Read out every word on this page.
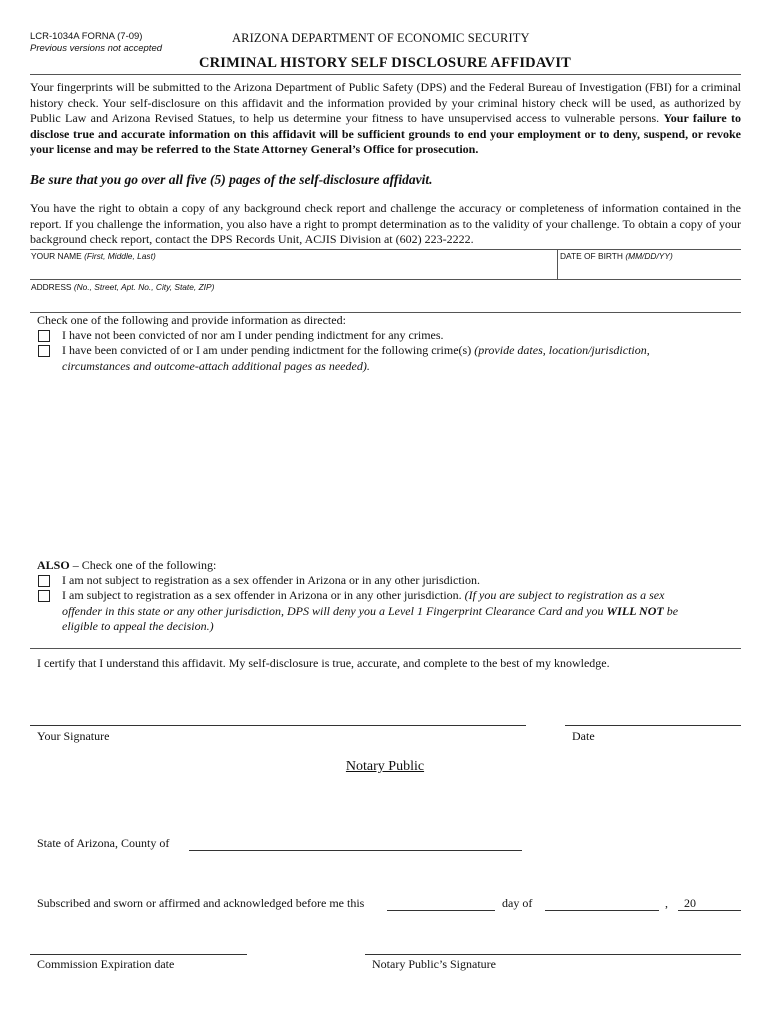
LCR-1034A FORNA (7-09)
Previous versions not accepted
ARIZONA DEPARTMENT OF ECONOMIC SECURITY
CRIMINAL HISTORY SELF DISCLOSURE AFFIDAVIT
Your fingerprints will be submitted to the Arizona Department of Public Safety (DPS) and the Federal Bureau of Investigation (FBI) for a criminal history check. Your self-disclosure on this affidavit and the information provided by your criminal history check will be used, as authorized by Public Law and Arizona Revised Statues, to help us determine your fitness to have unsupervised access to vulnerable persons. Your failure to disclose true and accurate information on this affidavit will be sufficient grounds to end your employment or to deny, suspend, or revoke your license and may be referred to the State Attorney General’s Office for prosecution.
Be sure that you go over all five (5) pages of the self-disclosure affidavit.
You have the right to obtain a copy of any background check report and challenge the accuracy or completeness of information contained in the report. If you challenge the information, you also have a right to prompt determination as to the validity of your challenge. To obtain a copy of your background check report, contact the DPS Records Unit, ACJIS Division at (602) 223-2222.
YOUR NAME (First, Middle, Last)	DATE OF BIRTH (MM/DD/YY)
ADDRESS (No., Street, Apt. No., City, State, ZIP)
Check one of the following and provide information as directed:
I have not been convicted of nor am I under pending indictment for any crimes.
I have been convicted of or I am under pending indictment for the following crime(s) (provide dates, location/jurisdiction,
circumstances and outcome-attach additional pages as needed).
ALSO – Check one of the following:
I am not subject to registration as a sex offender in Arizona or in any other jurisdiction.
I am subject to registration as a sex offender in Arizona or in any other jurisdiction. (If you are subject to registration as a sex
offender in this state or any other jurisdiction, DPS will deny you a Level 1 Fingerprint Clearance Card and you WILL NOT be
eligible to appeal the decision.)
I certify that I understand this affidavit. My self-disclosure is true, accurate, and complete to the best of my knowledge.
Your Signature	Date
Notary Public
State of Arizona, County of
Subscribed and sworn or affirmed and acknowledged before me this	day of	, 20
Commission Expiration date	Notary Public’s Signature
